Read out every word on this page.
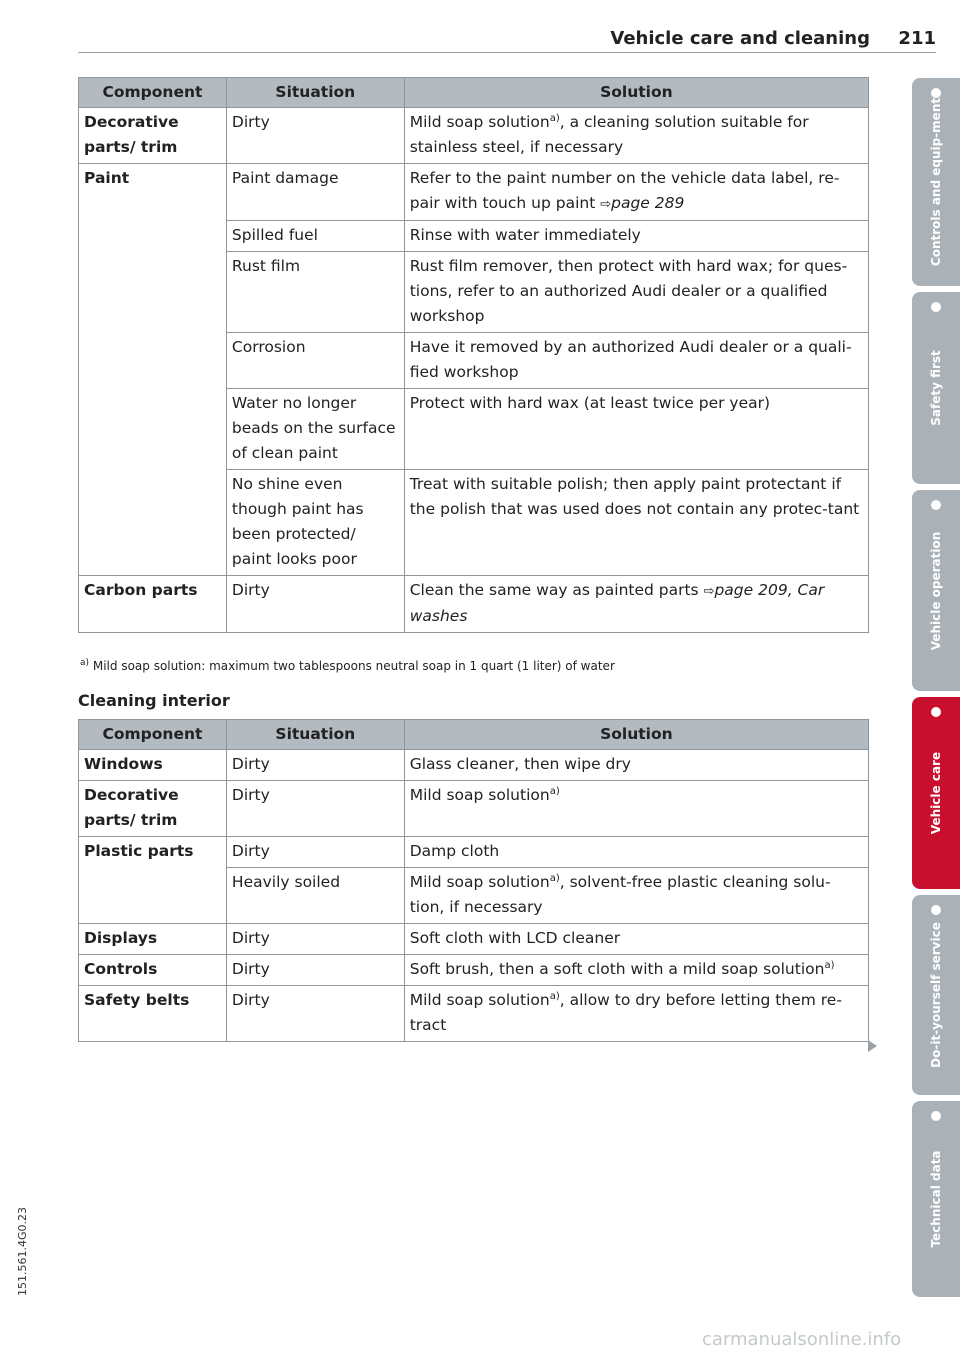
Vehicle care and cleaning 211
Component	Situation	Solution
Decorative parts/ trim	Dirty	Mild soap solution$^{a)}$, a cleaning solution suitable for stainless steel, if necessary
Paint	Paint damage	Refer to the paint number on the vehicle data label, re-pair with touch up paint ⇨page 289
	Spilled fuel	Rinse with water immediately
	Rust film	Rust film remover, then protect with hard wax; for ques-tions, refer to an authorized Audi dealer or a qualified workshop
	Corrosion	Have it removed by an authorized Audi dealer or a quali-fied workshop
	Water no longer beads on the surface of clean paint	Protect with hard wax (at least twice per year)
	No shine even though paint has been protected/ paint looks poor	Treat with suitable polish; then apply paint protectant if the polish that was used does not contain any protec-tant
Carbon parts	Dirty	Clean the same way as painted parts ⇨page 209, Car washes
$^{a)}$ Mild soap solution: maximum two tablespoons neutral soap in 1 quart (1 liter) of water
Cleaning interior
Component	Situation	Solution
Windows	Dirty	Glass cleaner, then wipe dry
Decorative parts/ trim	Dirty	Mild soap solution$^{a)}$
Plastic parts	Dirty	Damp cloth
	Heavily soiled	Mild soap solution$^{a)}$, solvent-free plastic cleaning solu-tion, if necessary
Displays	Dirty	Soft cloth with LCD cleaner
Controls	Dirty	Soft brush, then a soft cloth with a mild soap solution$^{a)}$
Safety belts	Dirty	Mild soap solution$^{a)}$, allow to dry before letting them re-tract
Controls and equip-ment
Safety first
Vehicle operation
Vehicle care
Do-it-yourself service
Technical data
151.561.4G0.23
carmanualsonline.info
